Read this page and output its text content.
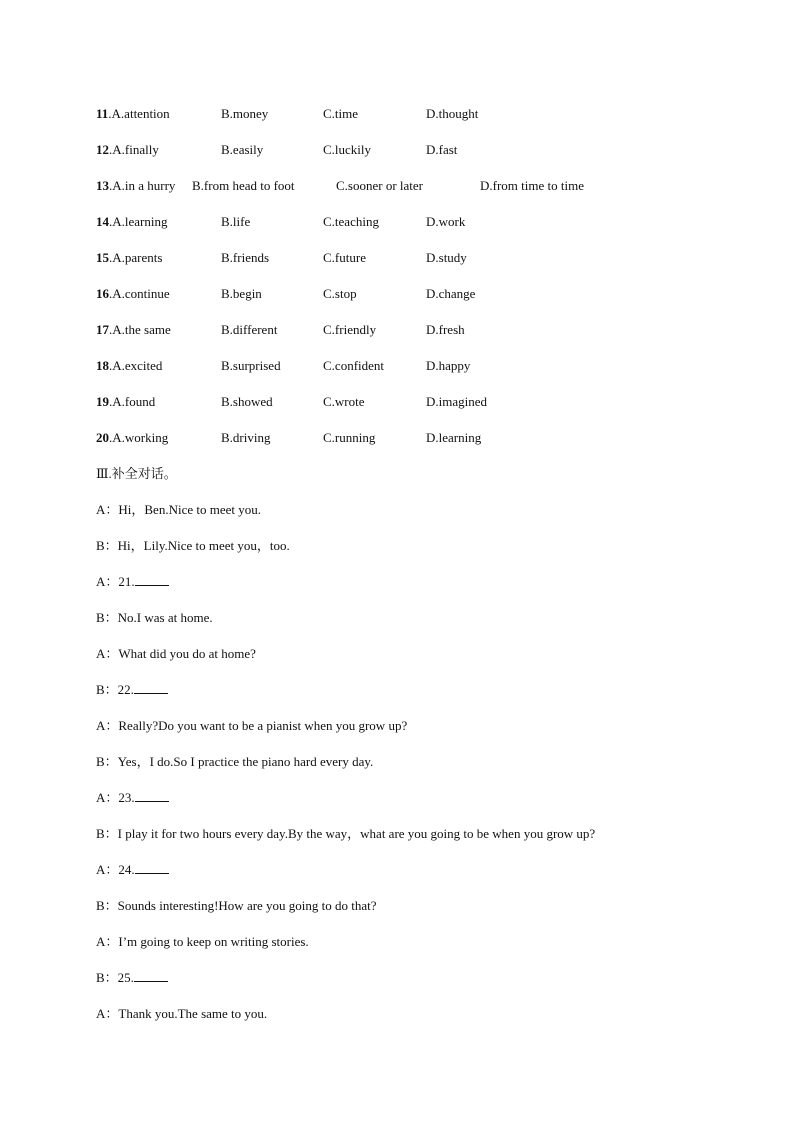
11.A.attention	B.money	C.time	D.thought
12.A.finally	B.easily	C.luckily	D.fast
13.A.in a hurry B.from head to foot	C.sooner or later	D.from time to time
14.A.learning	B.life	C.teaching	D.work
15.A.parents	B.friends	C.future	D.study
16.A.continue	B.begin	C.stop	D.change
17.A.the same	B.different	C.friendly	D.fresh
18.A.excited	B.surprised	C.confident	D.happy
19.A.found	B.showed	C.wrote	D.imagined
20.A.working	B.driving	C.running	D.learning
Ⅲ.补全对话。
A：Hi，Ben.Nice to meet you.
B：Hi，Lily.Nice to meet you，too.
A：21.
B：No.I was at home.
A：What did you do at home?
B：22.
A：Really?Do you want to be a pianist when you grow up?
B：Yes，I do.So I practice the piano hard every day.
A：23.
B：I play it for two hours every day.By the way，what are you going to be when you grow up?
A：24.
B：Sounds interesting!How are you going to do that?
A：I’m going to keep on writing stories.
B：25.
A：Thank you.The same to you.
